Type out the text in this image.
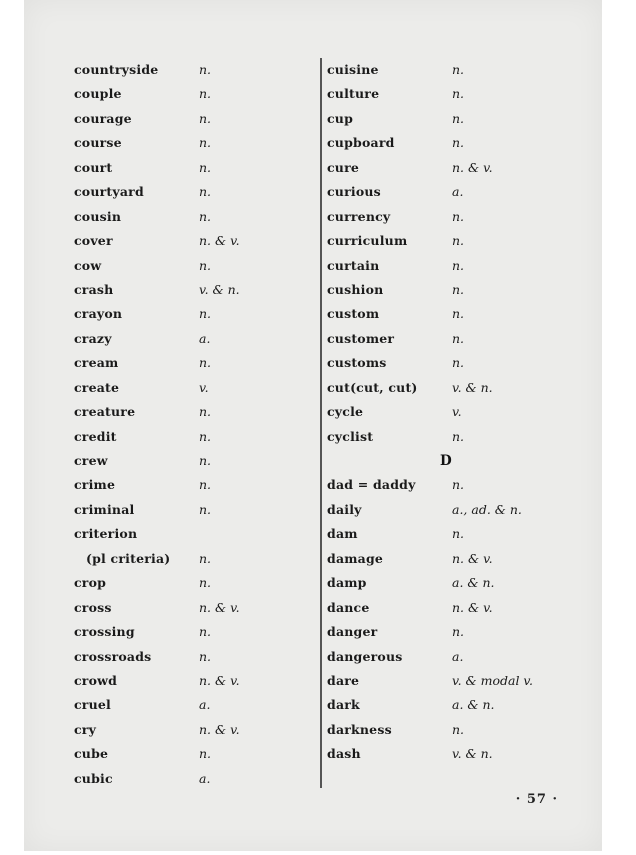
countryside	n.
couple	n.
courage	n.
course	n.
court	n.
courtyard	n.
cousin	n.
cover	n. & v.
cow	n.
crash	v. & n.
crayon	n.
crazy	a.
cream	n.
create	v.
creature	n.
credit	n.
crew	n.
crime	n.
criminal	n.
criterion
(pl criteria) n.
crop	n.
cross	n. & v.
crossing	n.
crossroads	n.
crowd	n. & v.
cruel	a.
cry	n. & v.
cube	n.
cubic	a.
cuisine	n.
culture	n.
cup	n.
cupboard	n.
cure	n. & v.
curious	a.
currency	n.
curriculum	n.
curtain	n.
cushion	n.
custom	n.
customer	n.
customs	n.
cut(cut, cut)	v. & n.
cycle	v.
cyclist	n.
D
dad = daddy	n.
daily	a., ad. & n.
dam	n.
damage	n. & v.
damp	a. & n.
dance	n. & v.
danger	n.
dangerous	a.
dare	v. & modal v.
dark	a. & n.
darkness	n.
dash	v. & n.
· 57 ·
